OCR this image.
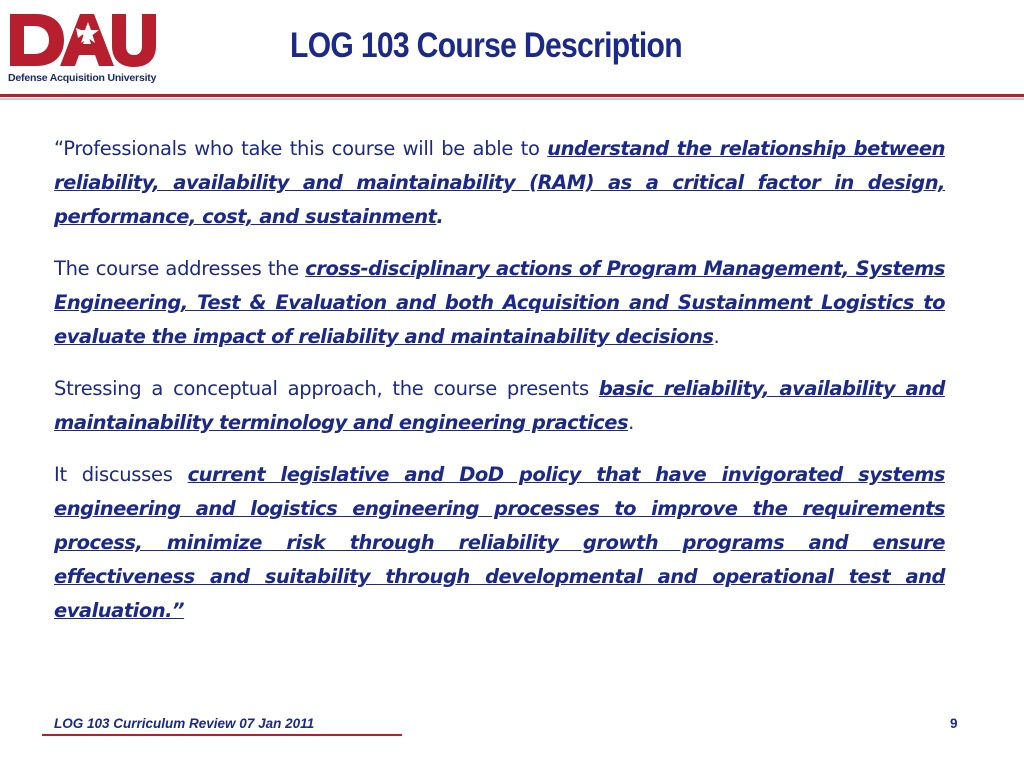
Defense Acquisition University
LOG 103 Course Description

“Professionals who take this course will be able to understand the relationship between reliability, availability and maintainability (RAM) as a critical factor in design, performance, cost, and sustainment.

The course addresses the cross-disciplinary actions of Program Management, Systems Engineering, Test & Evaluation and both Acquisition and Sustainment Logistics to evaluate the impact of reliability and maintainability decisions.

Stressing a conceptual approach, the course presents basic reliability, availability and maintainability terminology and engineering practices.

It discusses current legislative and DoD policy that have invigorated systems engineering and logistics engineering processes to improve the requirements process, minimize risk through reliability growth programs and ensure effectiveness and suitability through developmental and operational test and evaluation.”

LOG 103 Curriculum Review 07 Jan 2011	9
